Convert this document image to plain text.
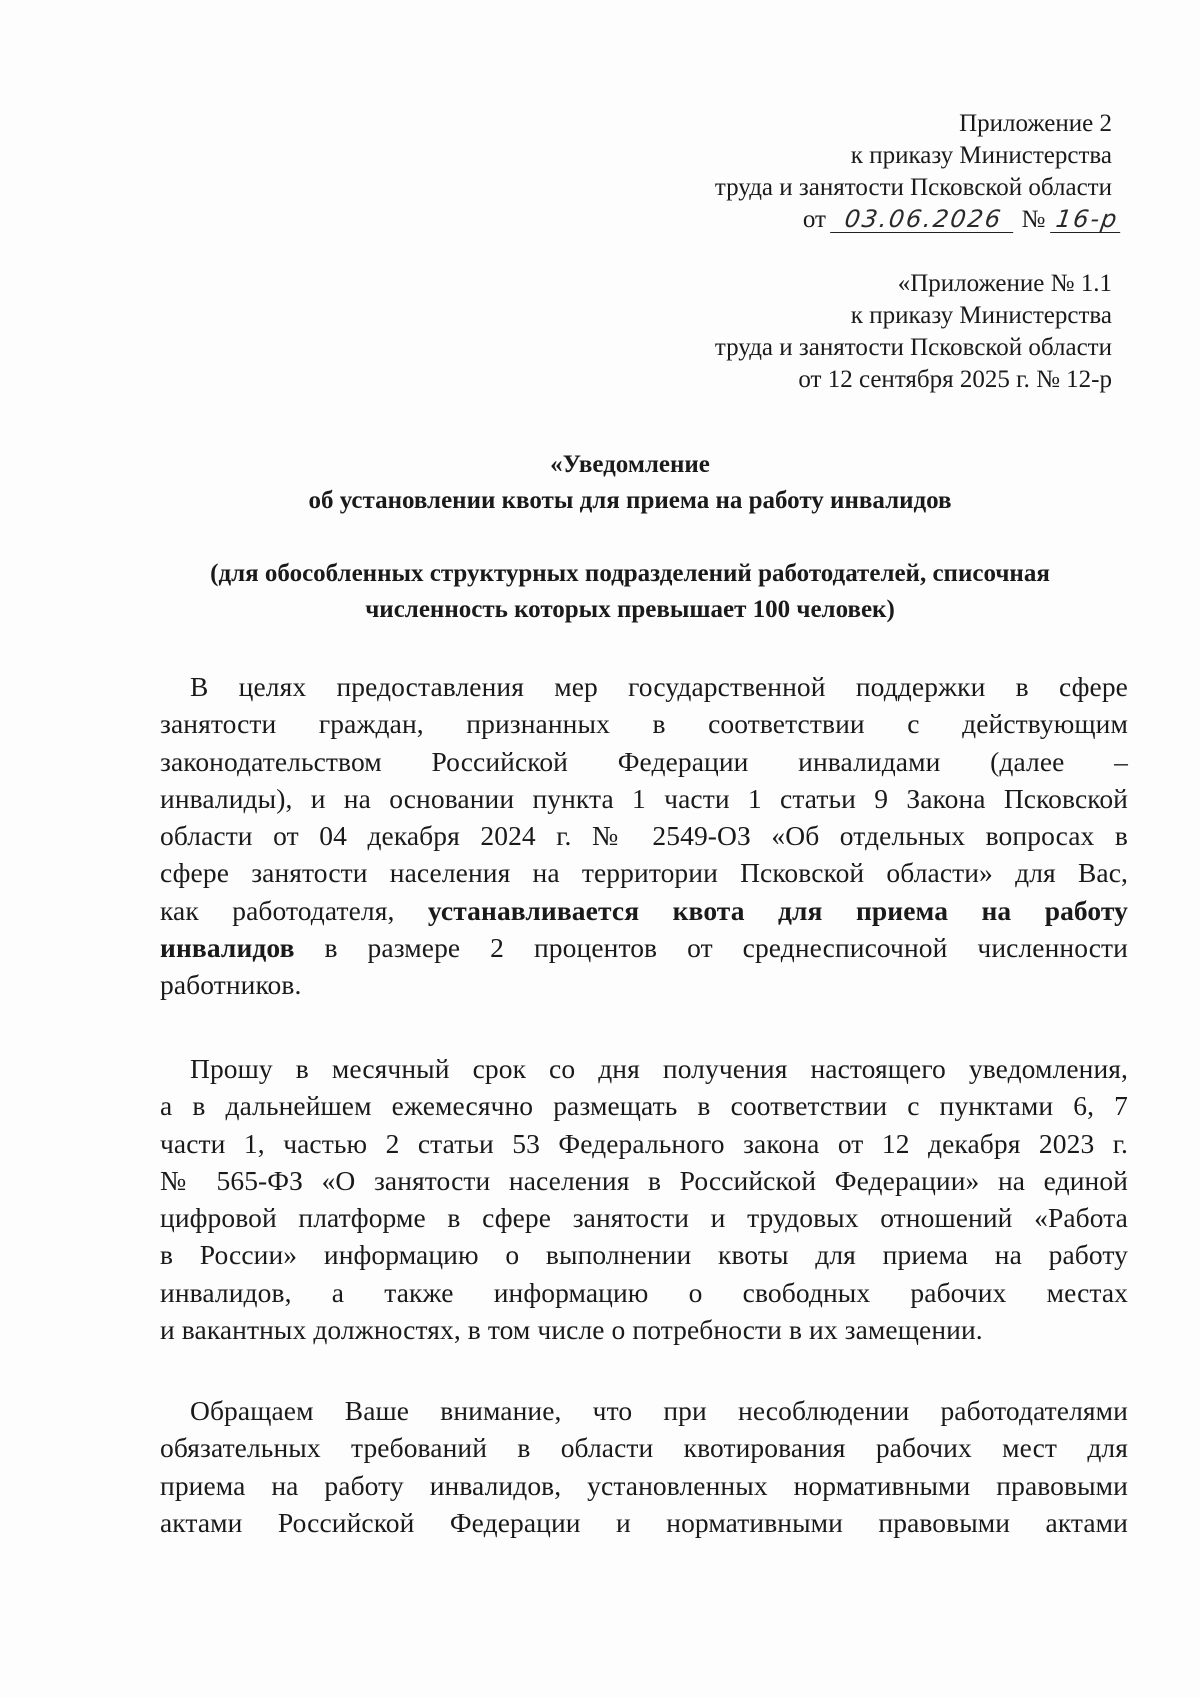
Приложение 2
к приказу Министерства
труда и занятости Псковской области
от 03.06.2026 № 16-р
«Приложение № 1.1
к приказу Министерства
труда и занятости Псковской области
от 12 сентября 2025 г. № 12-р
«Уведомление
об установлении квоты для приема на работу инвалидов
(для обособленных структурных подразделений работодателей, списочная
численность которых превышает 100 человек)
В целях предоставления мер государственной поддержки в сфере
занятости граждан, признанных в соответствии с действующим
законодательством Российской Федерации инвалидами (далее –
инвалиды), и на основании пункта 1 части 1 статьи 9 Закона Псковской
области от 04 декабря 2024 г. № 2549-ОЗ «Об отдельных вопросах в
сфере занятости населения на территории Псковской области» для Вас,
как работодателя, устанавливается квота для приема на работу
инвалидов в размере 2 процентов от среднесписочной численности
работников.
Прошу в месячный срок со дня получения настоящего уведомления,
а в дальнейшем ежемесячно размещать в соответствии с пунктами 6, 7
части 1, частью 2 статьи 53 Федерального закона от 12 декабря 2023 г.
№ 565-ФЗ «О занятости населения в Российской Федерации» на единой
цифровой платформе в сфере занятости и трудовых отношений «Работа
в России» информацию о выполнении квоты для приема на работу
инвалидов, а также информацию о свободных рабочих местах
и вакантных должностях, в том числе о потребности в их замещении.
Обращаем Ваше внимание, что при несоблюдении работодателями
обязательных требований в области квотирования рабочих мест для
приема на работу инвалидов, установленных нормативными правовыми
актами Российской Федерации и нормативными правовыми актами
